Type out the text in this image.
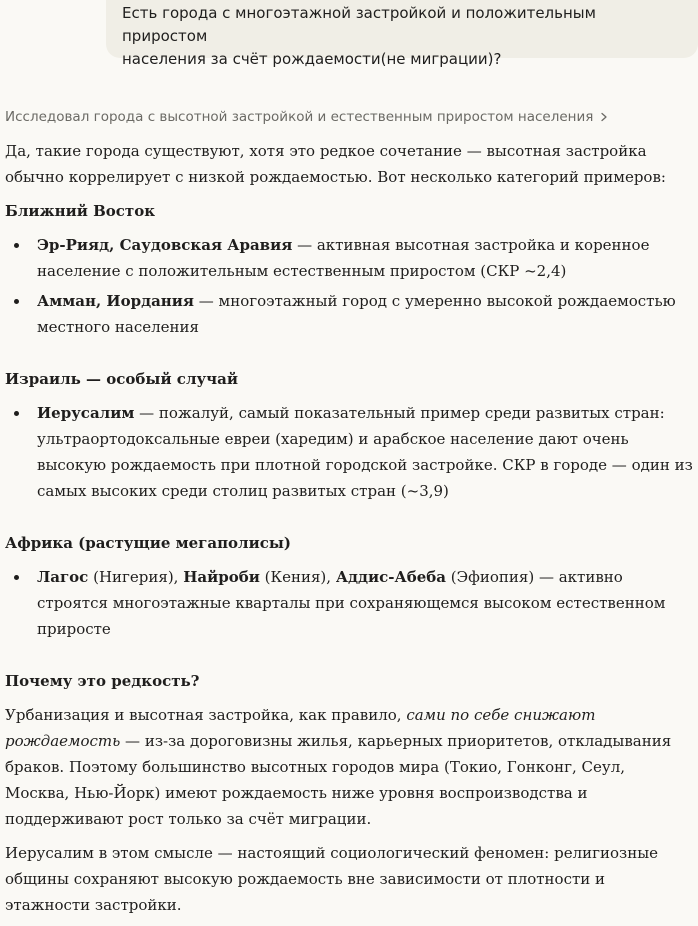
Есть города с многоэтажной застройкой и положительным приростом
населения за счёт рождаемости(не миграции)?
Исследовал города с высотной застройкой и естественным приростом населения

Да, такие города существуют, хотя это редкое сочетание — высотная застройка обычно коррелирует с низкой рождаемостью. Вот несколько категорий примеров:

Ближний Восток

Эр-Рияд, Саудовская Аравия — активная высотная застройка и коренное население с положительным естественным приростом (СКР ~2,4)
Амман, Иордания — многоэтажный город с умеренно высокой рождаемостью местного населения

Израиль — особый случай

Иерусалим — пожалуй, самый показательный пример среди развитых стран: ультраортодоксальные евреи (харедим) и арабское население дают очень высокую рождаемость при плотной городской застройке. СКР в городе — один из самых высоких среди столиц развитых стран (~3,9)

Африка (растущие мегаполисы)

Лагос (Нигерия), Найроби (Кения), Аддис-Абеба (Эфиопия) — активно строятся многоэтажные кварталы при сохраняющемся высоком естественном приросте

Почему это редкость?

Урбанизация и высотная застройка, как правило, сами по себе снижают рождаемость — из-за дороговизны жилья, карьерных приоритетов, откладывания браков. Поэтому большинство высотных городов мира (Токио, Гонконг, Сеул, Москва, Нью-Йорк) имеют рождаемость ниже уровня воспроизводства и поддерживают рост только за счёт миграции.

Иерусалим в этом смысле — настоящий социологический феномен: религиозные общины сохраняют высокую рождаемость вне зависимости от плотности и этажности застройки.
